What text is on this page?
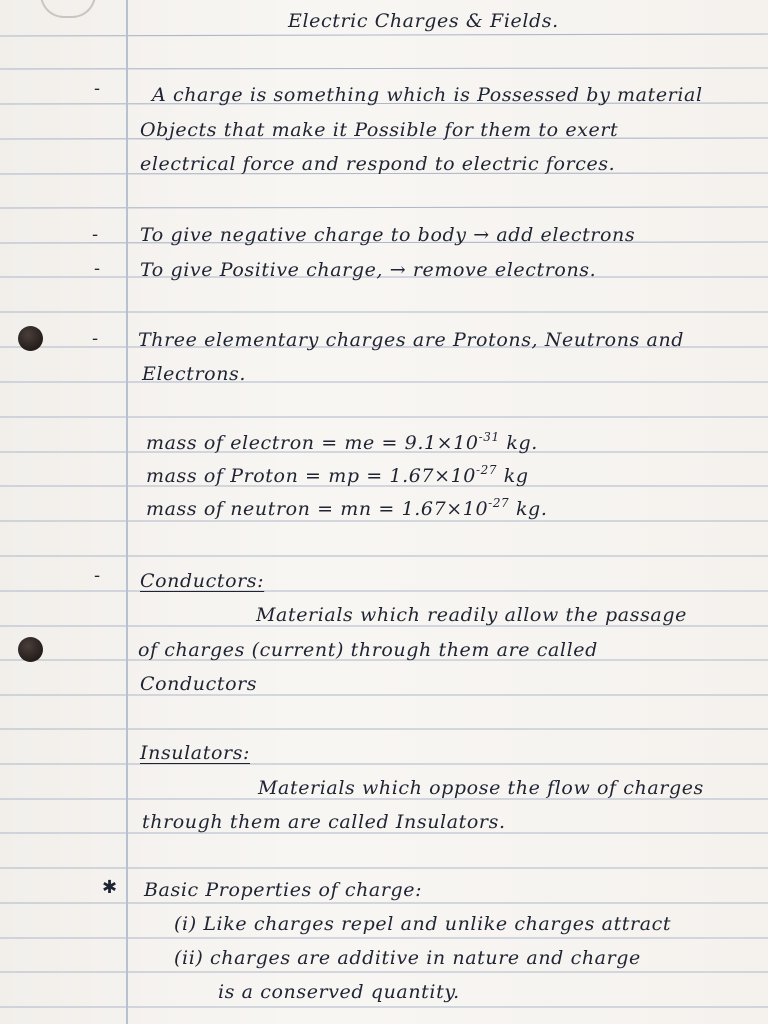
Electric Charges & Fields.
-	A charge is something which is Possessed by material
Objects that make it Possible for them to exert
electrical force and respond to electric forces.
- To give negative charge to body → add electrons
- To give Positive charge, → remove electrons.
- Three elementary charges are Protons, Neutrons and
Electrons.
mass of electron = me = $9.1\times 10^{-31}$ kg.
mass of Proton = mp = $1.67\times 10^{-27}$ kg
mass of neutron = mn = $1.67\times 10^{-27}$ kg.
- Conductors:
Materials which readily allow the passage
of charges (current) through them are called
Conductors
Insulators:
Materials which oppose the flow of charges
through them are called Insulators.
✱ Basic Properties of charge:
(i) Like charges repel and unlike charges attract
(ii) charges are additive in nature and charge
is a conserved quantity.
